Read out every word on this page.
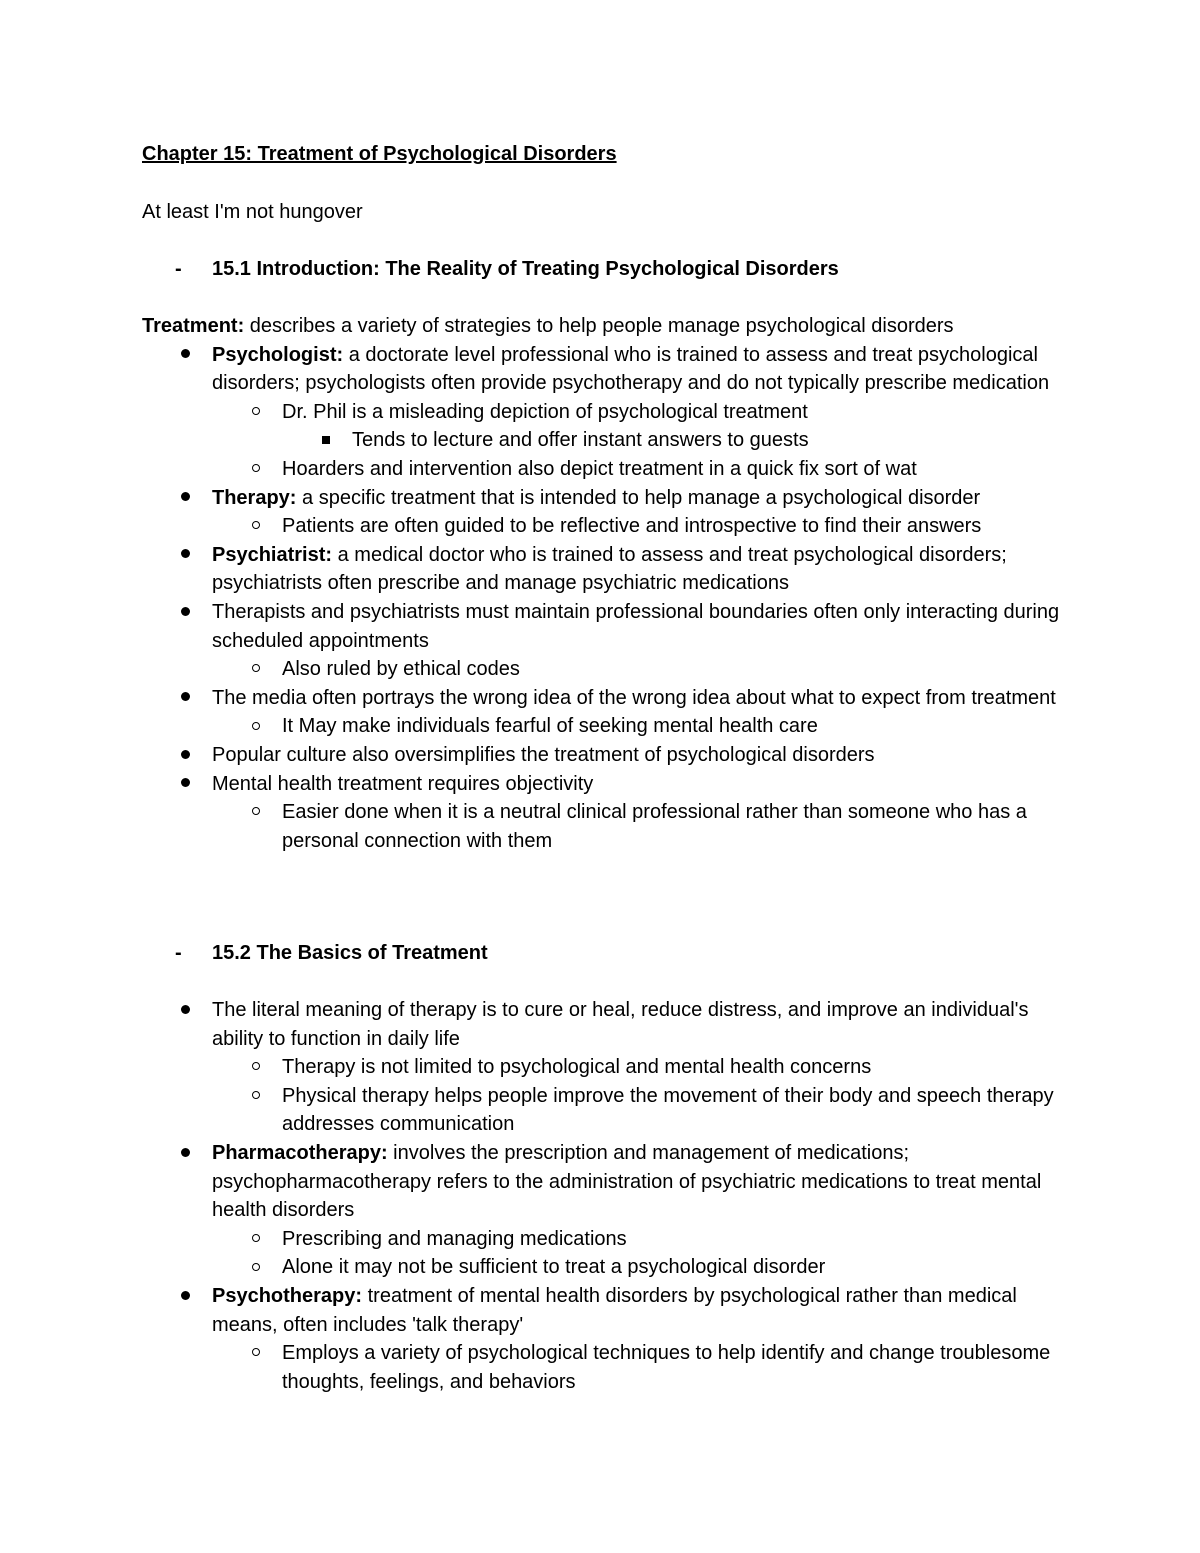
Chapter 15: Treatment of Psychological Disorders
At least I'm not hungover
- 15.1 Introduction: The Reality of Treating Psychological Disorders

Treatment: describes a variety of strategies to help people manage psychological disorders

Psychologist: a doctorate level professional who is trained to assess and treat psychological disorders; psychologists often provide psychotherapy and do not typically prescribe medication
Dr. Phil is a misleading depiction of psychological treatment
Tends to lecture and offer instant answers to guests
Hoarders and intervention also depict treatment in a quick fix sort of wat
Therapy: a specific treatment that is intended to help manage a psychological disorder
Patients are often guided to be reflective and introspective to find their answers
Psychiatrist: a medical doctor who is trained to assess and treat psychological disorders; psychiatrists often prescribe and manage psychiatric medications
Therapists and psychiatrists must maintain professional boundaries often only interacting during scheduled appointments
Also ruled by ethical codes
The media often portrays the wrong idea of the wrong idea about what to expect from treatment
It May make individuals fearful of seeking mental health care
Popular culture also oversimplifies the treatment of psychological disorders
Mental health treatment requires objectivity
Easier done when it is a neutral clinical professional rather than someone who has a personal connection with them
- 15.2 The Basics of Treatment
The literal meaning of therapy is to cure or heal, reduce distress, and improve an individual's ability to function in daily life
Therapy is not limited to psychological and mental health concerns
Physical therapy helps people improve the movement of their body and speech therapy addresses communication
Pharmacotherapy: involves the prescription and management of medications; psychopharmacotherapy refers to the administration of psychiatric medications to treat mental health disorders
Prescribing and managing medications
Alone it may not be sufficient to treat a psychological disorder
Psychotherapy: treatment of mental health disorders by psychological rather than medical means, often includes 'talk therapy'
Employs a variety of psychological techniques to help identify and change troublesome thoughts, feelings, and behaviors
